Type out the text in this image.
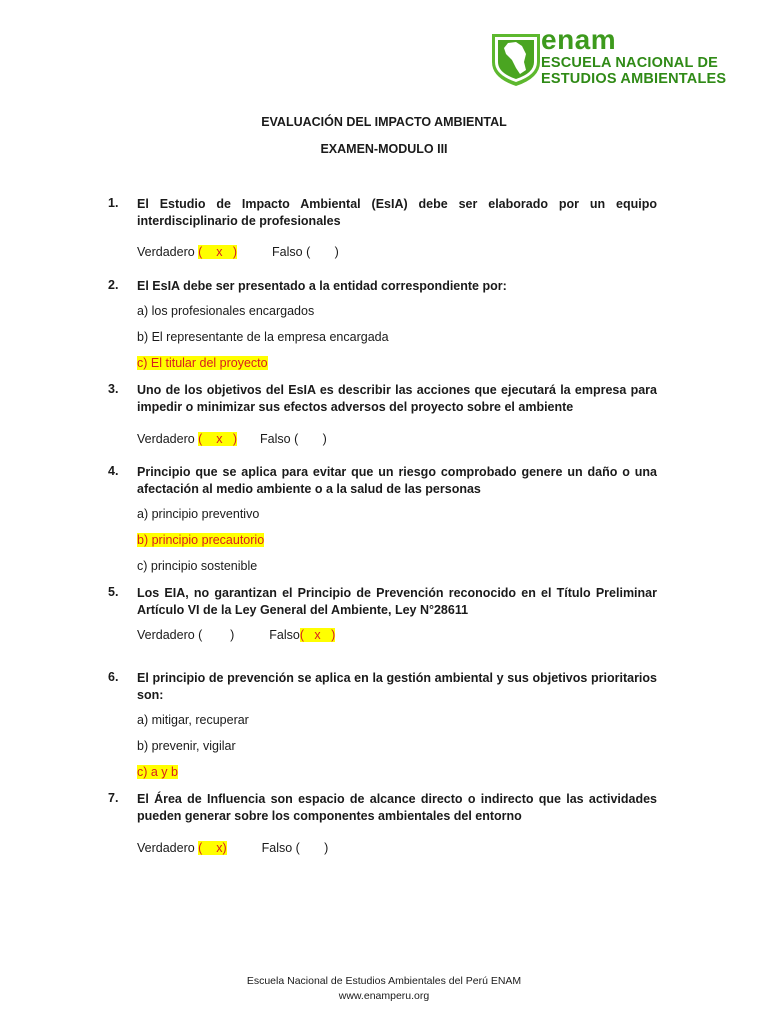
enam
ESCUELA NACIONAL DE
ESTUDIOS AMBIENTALES
EVALUACIÓN DEL IMPACTO AMBIENTAL
EXAMEN-MODULO III
1. El Estudio de Impacto Ambiental (EsIA) debe ser elaborado por un equipo interdisciplinario de profesionales
Verdadero (    x   )	Falso (       )
2. El EsIA debe ser presentado a la entidad correspondiente por:
a) los profesionales encargados
b) El representante de la empresa encargada
c) El titular del proyecto
3. Uno de los objetivos del EsIA es describir las acciones que ejecutará la empresa para impedir o minimizar sus efectos adversos del proyecto sobre el ambiente
Verdadero (    x   ) Falso (       )
4. Principio que se aplica para evitar que un riesgo comprobado genere un daño o una afectación al medio ambiente o a la salud de las personas
a) principio preventivo
b) principio precautorio
c) principio sostenible
5. Los EIA, no garantizan el Principio de Prevención reconocido en el Título Preliminar Artículo VI de la Ley General del Ambiente, Ley N°28611
Verdadero (        )	Falso(   x   )
6. El principio de prevención se aplica en la gestión ambiental y sus objetivos prioritarios son:
a) mitigar, recuperar
b) prevenir, vigilar
c) a y b
7. El Área de Influencia son espacio de alcance directo o indirecto que las actividades pueden generar sobre los componentes ambientales del entorno
Verdadero (    x)	Falso (       )
Escuela Nacional de Estudios Ambientales del Perú ENAM
www.enamperu.org
